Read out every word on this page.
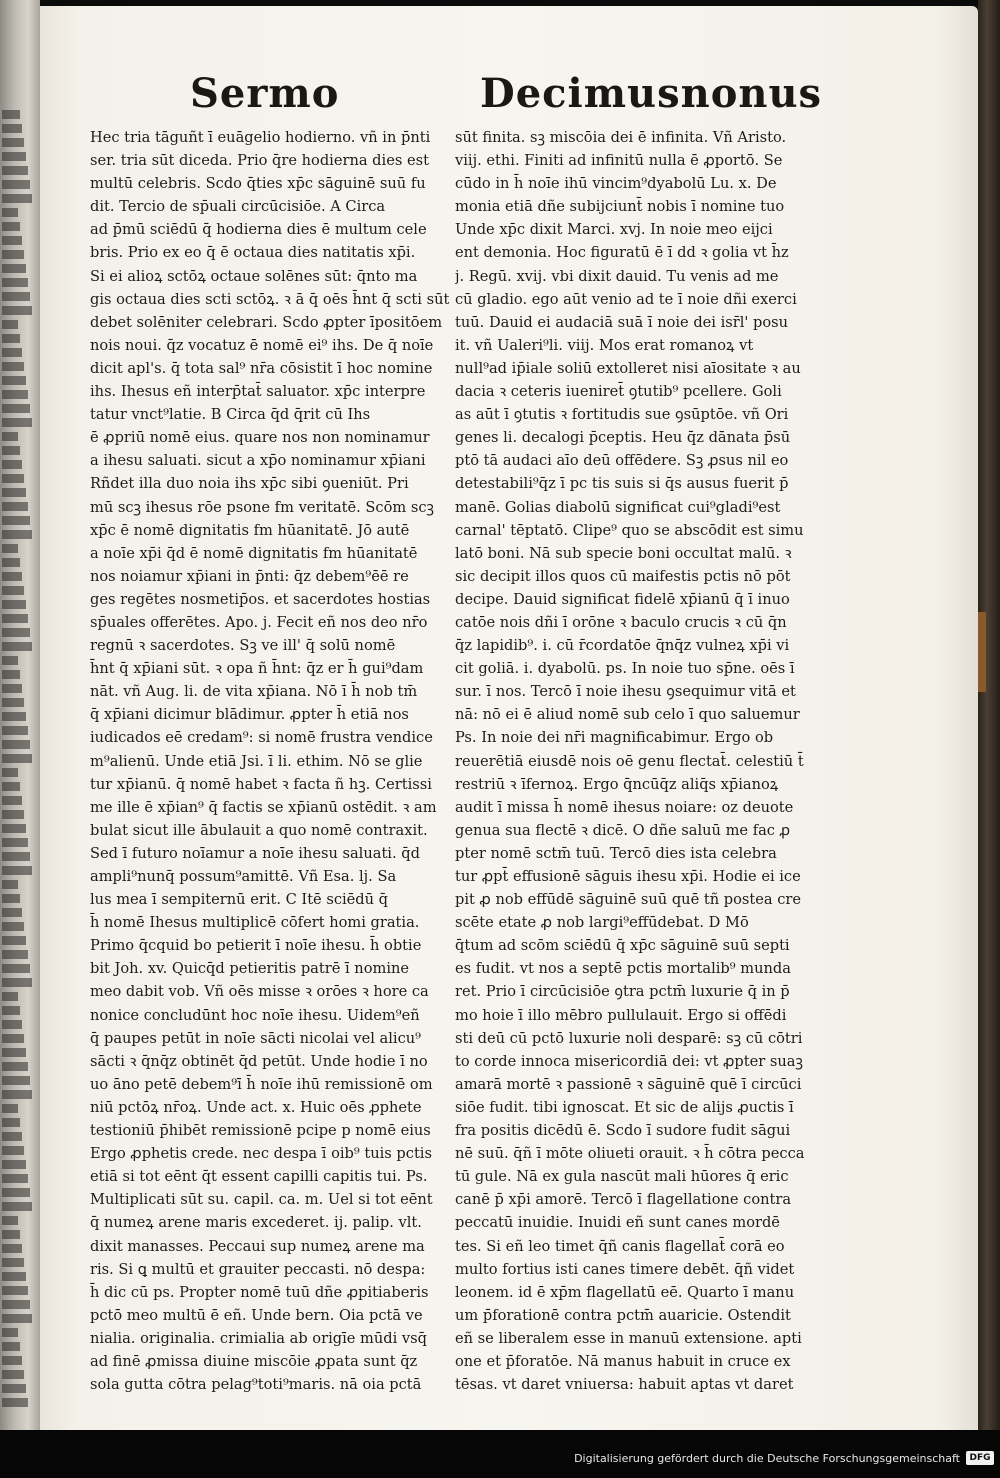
Sermo	Decimusnonus
Hec tria tāguñt ī euāgelio hodierno. vñ in p̄nti
ser. tria sūt diceda. Prio q̄re hodierna dies est
multū celebris. Scdo q̄ties xp̄c sāguinē suū fu
dit. Tercio de sp̄uali circūcisiōe. A Circa
ad p̄mū sciēdū q̄ hodierna dies ē multum cele
bris. Prio ex eo q̄ ē octaua dies natitatis xp̄i.
Si ei alioꝝ sctōꝝ octaue solēnes sūt: q̄nto ma
gis octaua dies scti sctōꝝ. ꝛ ā q̄ oēs h̄nt q̄ scti sūt
debet solēniter celebrari. Scdo ꝓpter īpositōem
nois noui. q̄z vocatuz ē nomē ei⁹ ihs. De q̄ noīe
dicit apl's. q̄ tota sal⁹ nr̄a cōsistit ī hoc nomine
ihs. Ihesus eñ interp̄tat̄ saluator. xp̄c interpre
tatur vnct⁹latie. B Circa q̄d q̄rit cū Ihs
ē ꝓpriū nomē eius. quare nos non nominamur
a ihesu saluati. sicut a xp̄o nominamur xp̄iani
Rñdet illa duo noia ihs xp̄c sibi ꝯueniūt. Pri
mū scꝫ ihesus rōe psone fm veritatē. Scōm scꝫ
xp̄c ē nomē dignitatis fm hūanitatē. Jō autē
a noīe xp̄i q̄d ē nomē dignitatis fm hūanitatē
nos noiamur xp̄iani in p̄nti: q̄z debem⁹ēē re
ges regētes nosmetip̄os. et sacerdotes hostias
sp̄uales offerētes. Apo. j. Fecit eñ nos deo nr̄o
regnū ꝛ sacerdotes. Sꝫ ve ill' q̄ solū nomē
h̄nt q̄ xp̄iani sūt. ꝛ opa ñ h̄nt: q̄z er h̄ gui⁹dam
nāt. vñ Aug. li. de vita xp̄iana. Nō ī h̄ nob tm̄
q̄ xp̄iani dicimur blādimur. ꝓpter h̄ etiā nos
iudicados eē credam⁹: si nomē frustra vendice
m⁹alienū. Unde etiā Jsi. ī li. ethim. Nō se glie
tur xp̄ianū. q̄ nomē habet ꝛ facta ñ hꝫ. Certissi
me ille ē xp̄ian⁹ q̄ factis se xp̄ianū ostēdit. ꝛ am
bulat sicut ille ābulauit a quo nomē contraxit.
Sed ī futuro noīamur a noīe ihesu saluati. q̄d
ampli⁹nunq̄ possum⁹amittē. Vñ Esa. lj. Sa
lus mea ī sempiternū erit. C Itē sciēdū q̄
h̄ nomē Ihesus multiplicē cōfert homi gratia.
Primo q̄cquid bo petierit ī noīe ihesu. h̄ obtie
bit Joh. xv. Quicq̄d petieritis patrē ī nomine
meo dabit vob. Vñ oēs misse ꝛ orōes ꝛ hore ca
nonice concludūnt hoc noīe ihesu. Uidem⁹eñ
q̄ paupes petūt in noīe sācti nicolai vel alicu⁹
sācti ꝛ q̄nq̄z obtinēt q̄d petūt. Unde hodie ī no
uo āno petē debem⁹ī h̄ noīe ihū remissionē om
niū pctōꝝ nr̄oꝝ. Unde act. x. Huic oēs ꝓphete
testioniū p̄hibēt remissionē pcipe p nomē eius
Ergo ꝓphetis crede. nec despa ī oib⁹ tuis pctis
etiā si tot eēnt q̄t essent capilli capitis tui. Ps.
Multiplicati sūt su. capil. ca. m. Uel si tot eēnt
q̄ numeꝝ arene maris excederet. ij. palip. vlt.
dixit manasses. Peccaui sup numeꝝ arene ma
ris. Si ꝗ multū et grauiter peccasti. nō despa:
h̄ dic cū ps. Propter nomē tuū dñe ꝓpitiaberis
pctō meo multū ē eñ. Unde bern. Oia pctā ve
nialia. originalia. crimialia ab origīe mūdi vsq̄
ad finē ꝓmissa diuine miscōie ꝓpata sunt q̄z
sola gutta cōtra pelag⁹toti⁹maris. nā oia pctā
sūt finita. sꝫ miscōia dei ē infinita. Vñ Aristo.
viij. ethi. Finiti ad infinitū nulla ē ꝓportō. Se
cūdo in h̄ noīe ihū vincim⁹dyabolū Lu. x. De
monia etiā dñe subijciunt̄ nobis ī nomine tuo
Unde xp̄c dixit Marci. xvj. In noie meo eijci
ent demonia. Hoc figuratū ē ī dd ꝛ golia vt h̄z
j. Regū. xvij. vbi dixit dauid. Tu venis ad me
cū gladio. ego aūt venio ad te ī noie dñi exerci
tuū. Dauid ei audaciā suā ī noie dei isr̄l' posu
it. vñ Ualeri⁹li. viij. Mos erat romanoꝝ vt
null⁹ad ip̄iale soliū extolleret nisi aīositate ꝛ au
dacia ꝛ ceteris iueniret̄ ꝯtutib⁹ pcellere. Goli
as aūt ī ꝯtutis ꝛ fortitudis sue ꝯsūptōe. vñ Ori
genes li. decalogi p̄ceptis. Heu q̄z dānata p̄sū
ptō tā audaci aīo deū offēdere. Sꝫ ꝓsus nil eo
detestabili⁹q̄z ī pc tis suis si q̄s ausus fuerit p̄
manē. Golias diabolū significat cui⁹gladi⁹est
carnal' tēptatō. Clipe⁹ quo se abscōdit est simu
latō boni. Nā sub specie boni occultat malū. ꝛ
sic decipit illos quos cū maifestis pctis nō pōt
decipe. Dauid significat fidelē xp̄ianū q̄ ī inuo
catōe nois dñi ī orōne ꝛ baculo crucis ꝛ cū q̄n
q̄z lapidib⁹. i. cū r̄cordatōe q̄nq̄z vulneꝝ xp̄i vi
cit goliā. i. dyabolū. ps. In noie tuo sp̄ne. oēs ī
sur. ī nos. Tercō ī noie ihesu ꝯsequimur vitā et
nā: nō ei ē aliud nomē sub celo ī quo saluemur
Ps. In noie dei nr̄i magnificabimur. Ergo ob
reuerētiā eiusdē nois oē genu flectat̄. celestiū t̄
restriū ꝛ īfernoꝝ. Ergo q̄ncūq̄z aliq̄s xp̄ianoꝝ
audit ī missa h̄ nomē ihesus noiare: oz deuote
genua sua flectē ꝛ dicē. O dñe saluū me fac ꝓ
pter nomē sctm̄ tuū. Tercō dies ista celebra
tur ꝓpt̄ effusionē sāguis ihesu xp̄i. Hodie ei ice
pit ꝓ nob effūdē sāguinē suū quē tñ postea cre
scēte etate ꝓ nob largi⁹effūdebat. D Mō
q̄tum ad scōm sciēdū q̄ xp̄c sāguinē suū septi
es fudit. vt nos a septē pctis mortalib⁹ munda
ret. Prio ī circūcisiōe ꝯtra pctm̄ luxurie q̄ in p̄
mo hoie ī illo mēbro pullulauit. Ergo si offēdi
sti deū cū pctō luxurie noli desparē: sꝫ cū cōtri
to corde innoca misericordiā dei: vt ꝓpter suaꝫ
amarā mortē ꝛ passionē ꝛ sāguinē quē ī circūci
siōe fudit. tibi ignoscat. Et sic de alijs ꝓuctis ī
fra positis dicēdū ē. Scdo ī sudore fudit sāgui
nē suū. q̄ñ ī mōte oliueti orauit. ꝛ h̄ cōtra pecca
tū gule. Nā ex gula nascūt mali hūores q̄ eric
canē p̄ xp̄i amorē. Tercō ī flagellatione contra
peccatū inuidie. Inuidi eñ sunt canes mordē
tes. Si eñ leo timet q̄ñ canis flagellat̄ corā eo
multo fortius isti canes timere debēt. q̄ñ videt
leonem. id ē xp̄m flagellatū eē. Quarto ī manu
um p̄forationē contra pctm̄ auaricie. Ostendit
eñ se liberalem esse in manuū extensione. apti
one et p̄foratōe. Nā manus habuit in cruce ex
tēsas. vt daret vniuersa: habuit aptas vt daret
Digitalisierung gefördert durch die Deutsche Forschungsgemeinschaft	DFG
